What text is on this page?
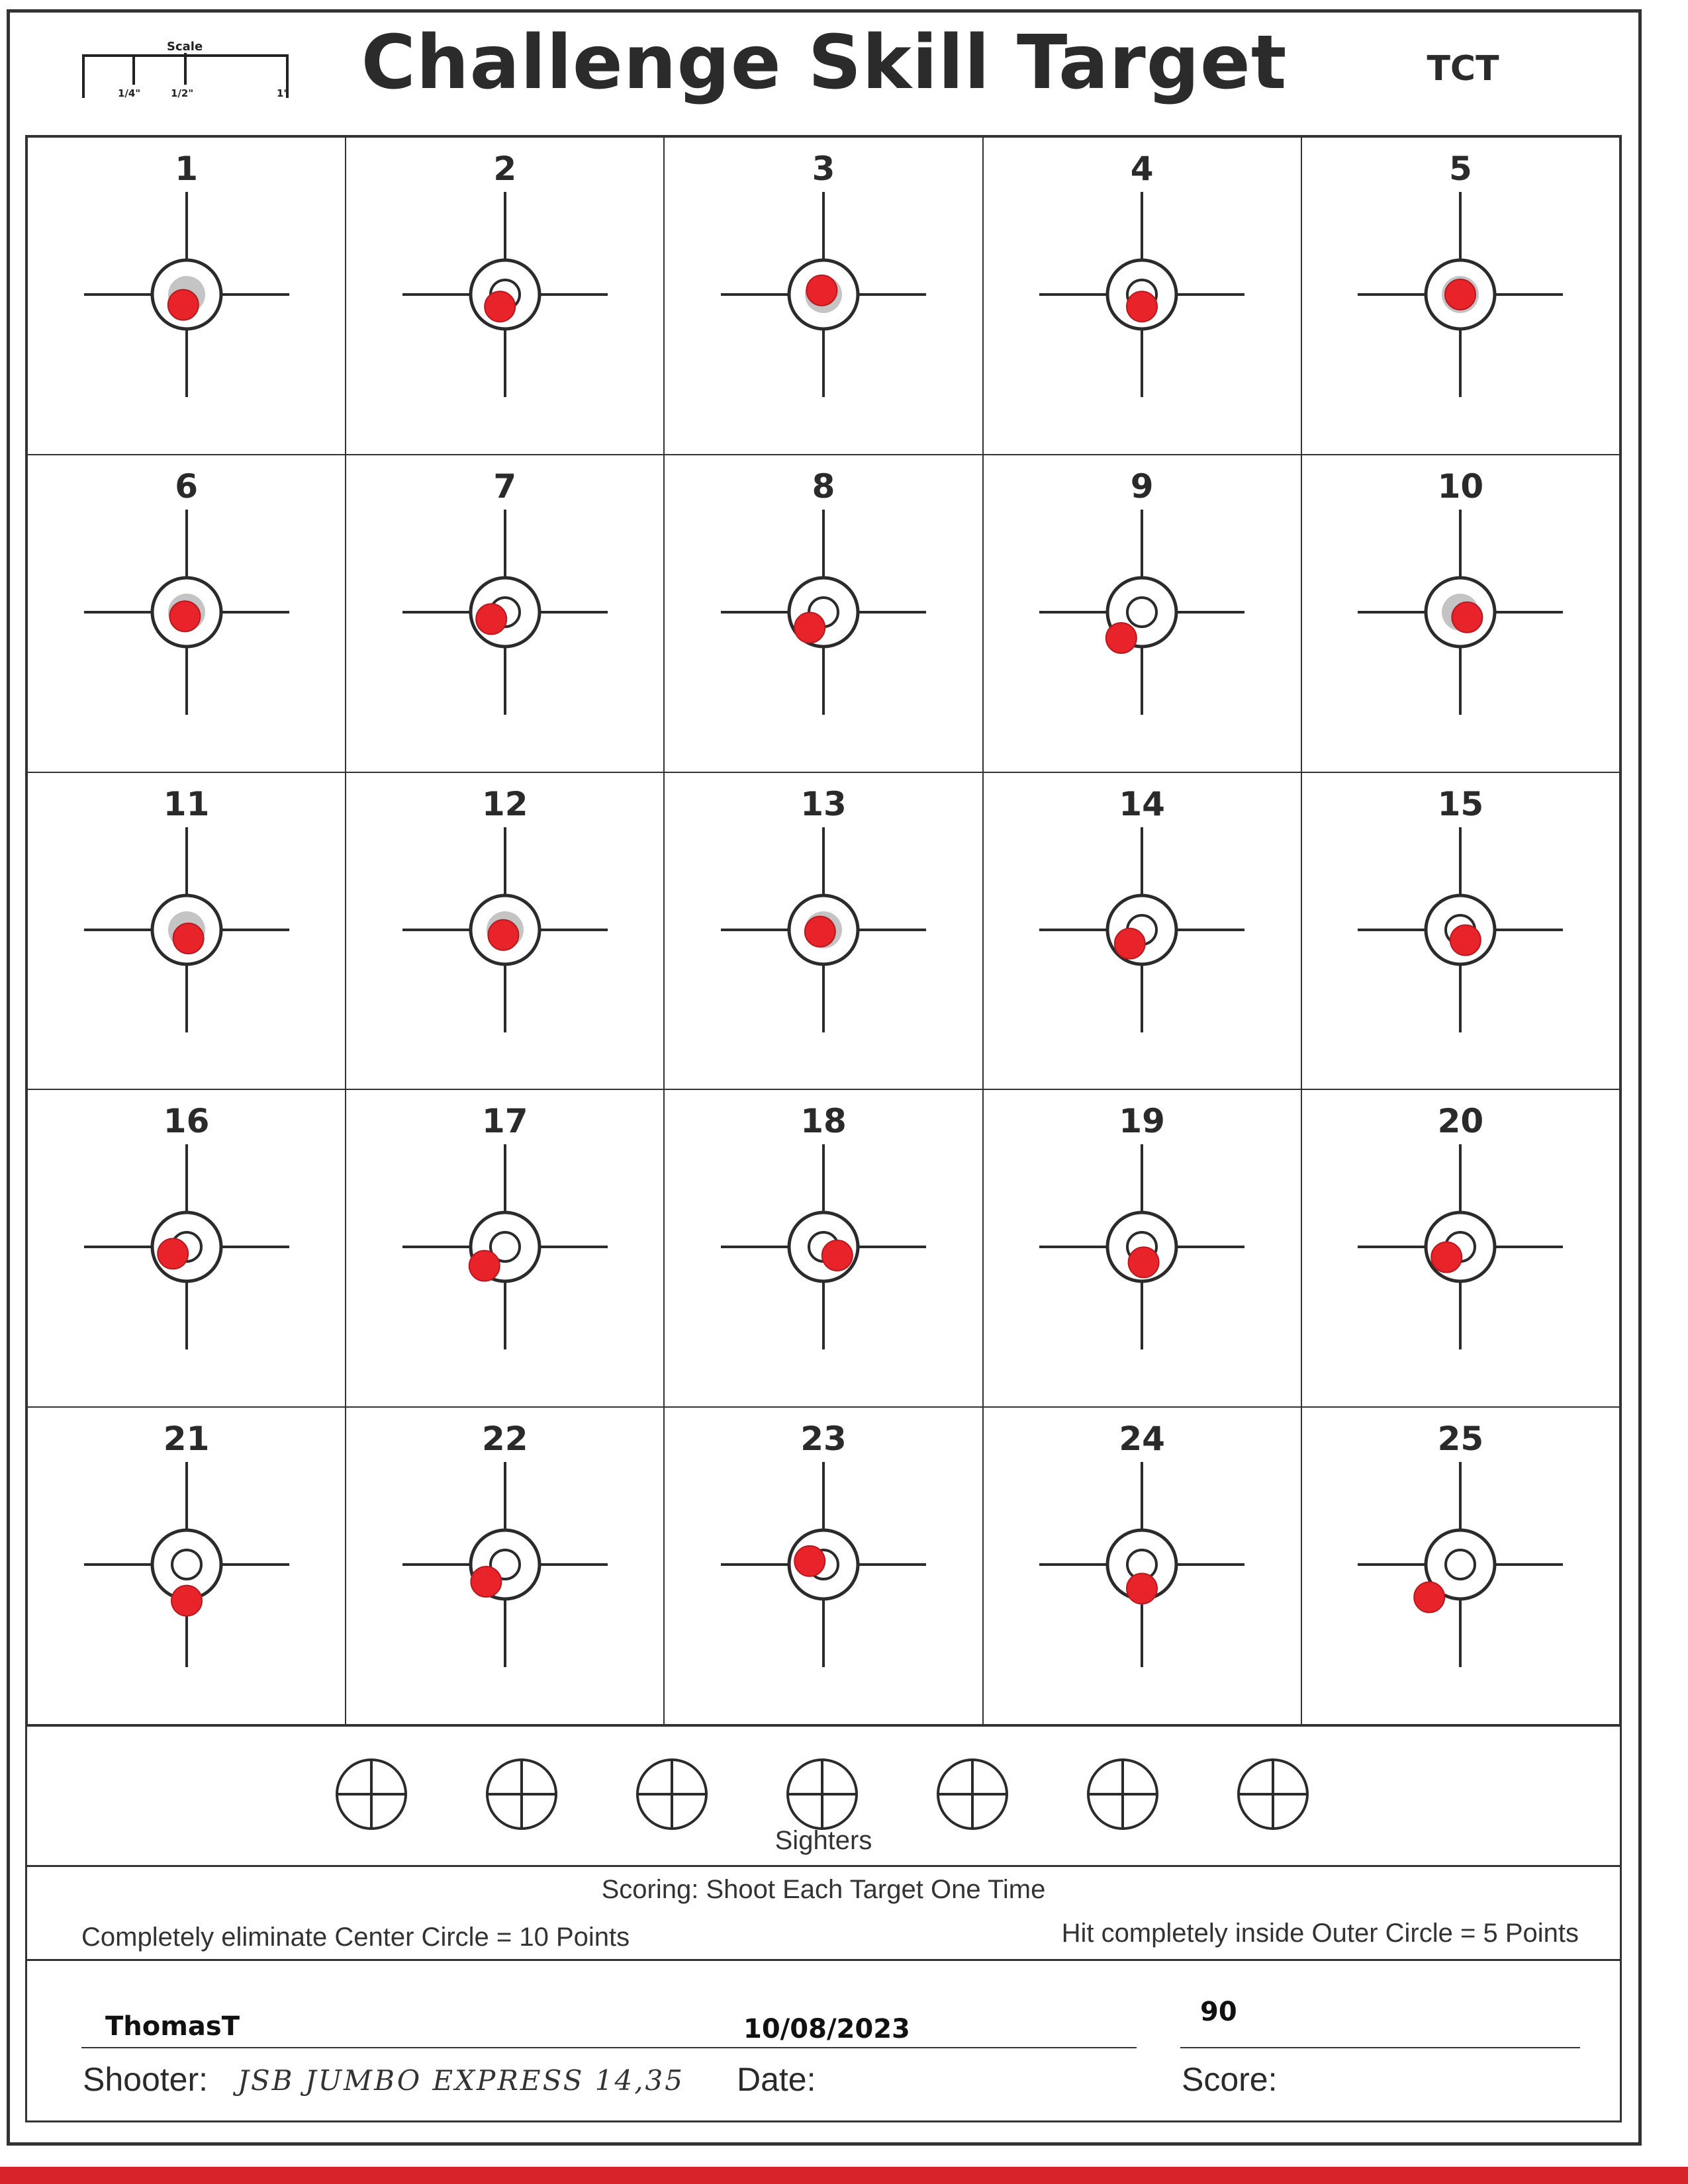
Scale
1/4"	1/2"	1" Challenge Skill Target	TCT
1	2	3	4	5
6	7	8	9	10
11	12	13	14	15
16	17	18	19	20
21	22	23	24	25
Sighters
Scoring: Shoot Each Target One Time
Completely eliminate Center Circle = 10 Points	Hit completely inside Outer Circle = 5 Points
ThomasT
Shooter: JSB JUMBO EXPRESS 14,35
10/08/2023
Date:
90
Score:
